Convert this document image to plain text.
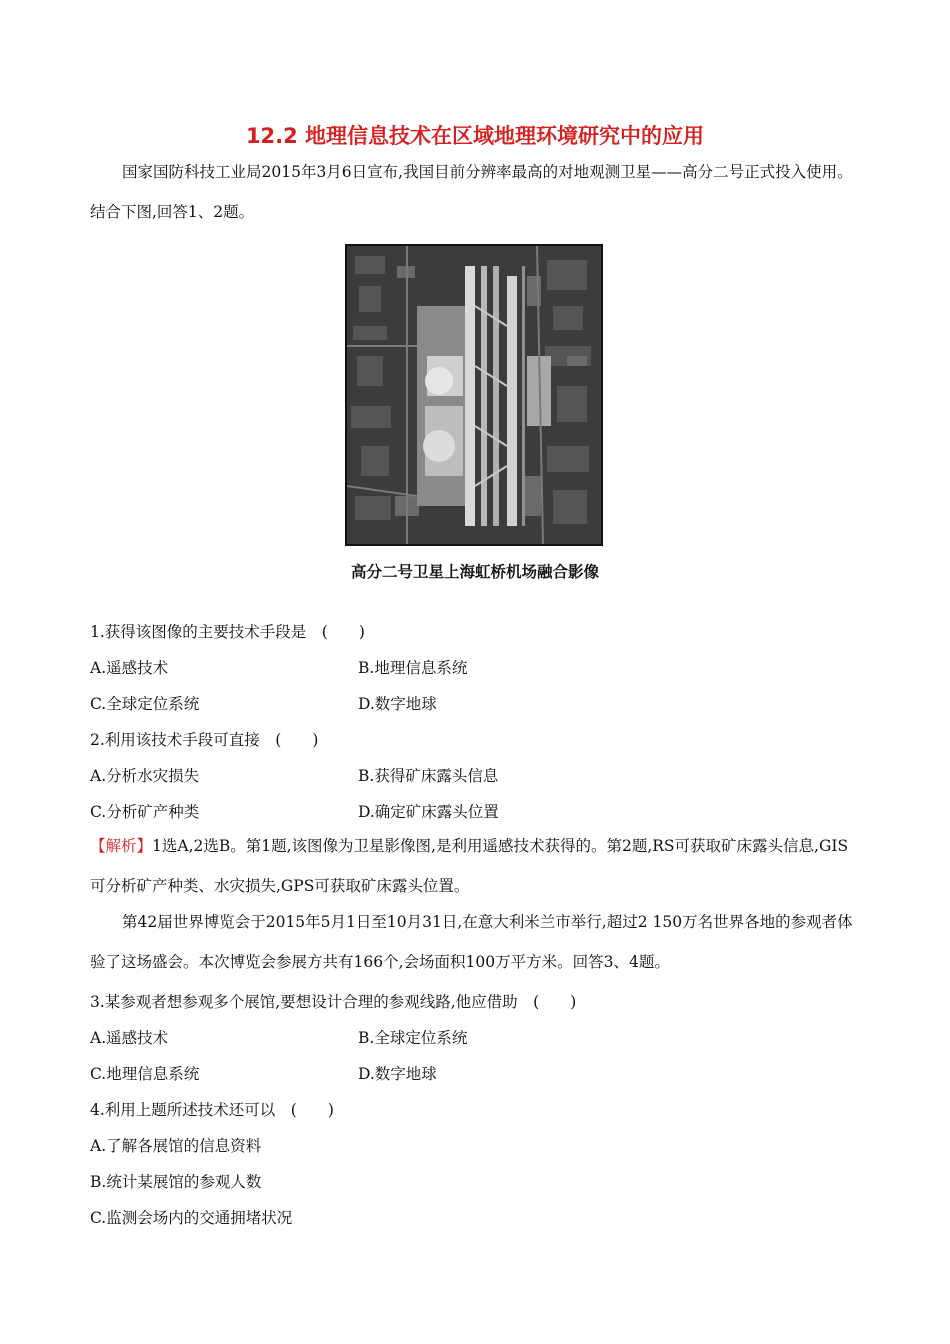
12.2 地理信息技术在区域地理环境研究中的应用
国家国防科技工业局2015年3月6日宣布,我国目前分辨率最高的对地观测卫星——高分二号正式投入使用。结合下图,回答1、2题。
高分二号卫星上海虹桥机场融合影像
1.获得该图像的主要技术手段是　(　　)
A.遥感技术	B.地理信息系统
C.全球定位系统	D.数字地球
2.利用该技术手段可直接　(　　)
A.分析水灾损失	B.获得矿床露头信息
C.分析矿产种类	D.确定矿床露头位置
【解析】1选A,2选B。第1题,该图像为卫星影像图,是利用遥感技术获得的。第2题,RS可获取矿床露头信息,GIS可分析矿产种类、水灾损失,GPS可获取矿床露头位置。
第42届世界博览会于2015年5月1日至10月31日,在意大利米兰市举行,超过2 150万名世界各地的参观者体验了这场盛会。本次博览会参展方共有166个,会场面积100万平方米。回答3、4题。
3.某参观者想参观多个展馆,要想设计合理的参观线路,他应借助　(　　)
A.遥感技术	B.全球定位系统
C.地理信息系统	D.数字地球
4.利用上题所述技术还可以　(　　)
A.了解各展馆的信息资料
B.统计某展馆的参观人数
C.监测会场内的交通拥堵状况
